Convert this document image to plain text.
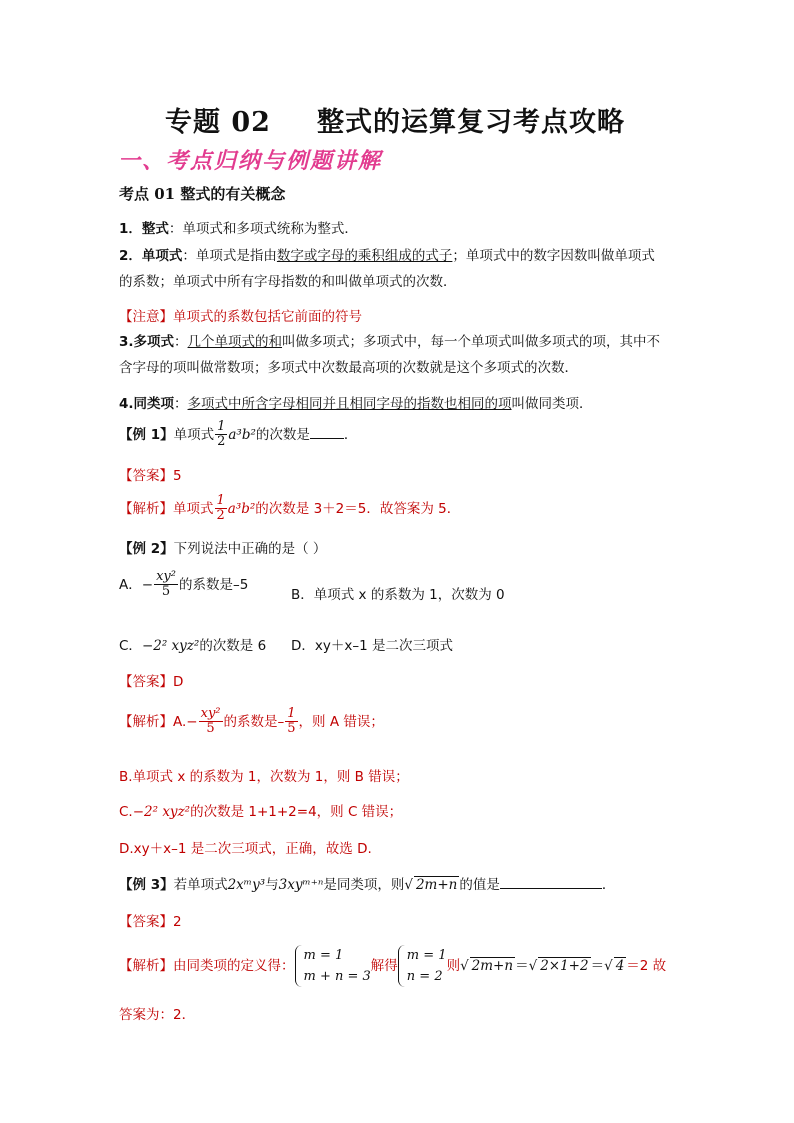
专题 02 整式的运算复习考点攻略
一、考点归纳与例题讲解
考点 01 整式的有关概念
1．整式：单项式和多项式统称为整式．
2．单项式：单项式是指由数字或字母的乘积组成的式子；单项式中的数字因数叫做单项式
的系数；单项式中所有字母指数的和叫做单项式的次数．
【注意】单项式的系数包括它前面的符号
3.多项式：几个单项式的和叫做多项式；多项式中，每一个单项式叫做多项式的项，其中不
含字母的项叫做常数项；多项式中次数最高项的次数就是这个多项式的次数．
4.同类项：多项式中所含字母相同并且相同字母的指数也相同的项叫做同类项．
【例 1】单项式 $\frac{1}{2} a^3b^2$的次数是	．
【答案】5
【解析】单项式 $\frac{1}{2} a^3b^2$的次数是 3＋2＝5．故答案为 5．
【例 2】下列说法中正确的是（ ）
A．− $\frac{\text{xy²}}{5}$ 的系数是–5
B．单项式 x 的系数为 1，次数为 0
C．−2² xyz²的次数是 6 D．xy＋x–1 是二次三项式
【答案】D
【解析】$A.- \frac{\text{xy²}}{5}$ 的系数是– $\frac{1}{5}$ ，则 A 错误；
B.单项式 x 的系数为 1，次数为 1，则 B 错误；
C.−2² xyz²的次数是 1+1+2=4，则 C 错误；
D.xy＋x–1 是二次三项式，正确，故选 D.
【例 3】若单项式2xᵐy³与3xyᵐ⁺ⁿ是同类项，则√ 2m+n 的值是	．
【答案】2
【解析】由同类项的定义得：
m = 1
m + n = 3
解得
m = 1
n = 2
则√ 2m+n ＝√ 2×1+2 ＝√ 4 ＝2 故
答案为：2．
